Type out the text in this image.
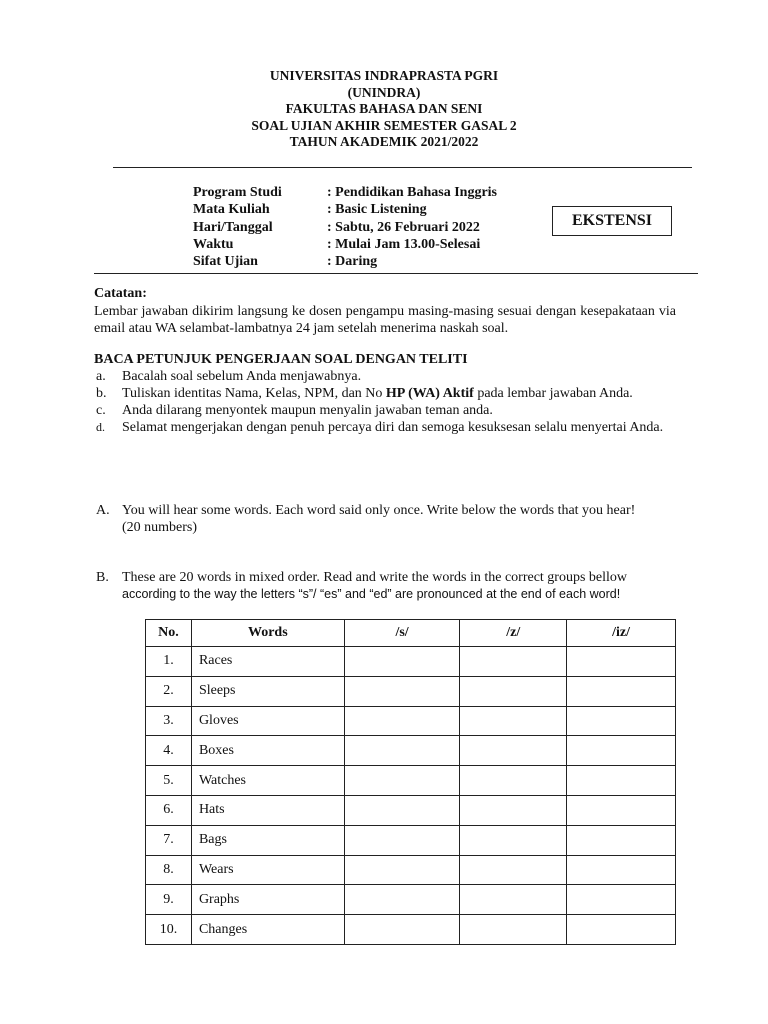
UNIVERSITAS INDRAPRASTA PGRI
(UNINDRA)
FAKULTAS BAHASA DAN SENI
SOAL UJIAN AKHIR SEMESTER GASAL 2
TAHUN AKADEMIK 2021/2022
Program Studi	: Pendidikan Bahasa Inggris
Mata Kuliah	: Basic Listening
Hari/Tanggal	: Sabtu, 26 Februari 2022
Waktu	: Mulai Jam 13.00-Selesai
Sifat Ujian	: Daring
EKSTENSI
Catatan:
Lembar jawaban dikirim langsung ke dosen pengampu masing-masing sesuai dengan kesepakataan via email atau WA selambat-lambatnya 24 jam setelah menerima naskah soal.
BACA PETUNJUK PENGERJAAN SOAL DENGAN TELITI
a.	Bacalah soal sebelum Anda menjawabnya.
b.	Tuliskan identitas Nama, Kelas, NPM, dan No HP (WA) Aktif pada lembar jawaban Anda.
c.	Anda dilarang menyontek maupun menyalin jawaban teman anda.
d.	Selamat mengerjakan dengan penuh percaya diri dan semoga kesuksesan selalu menyertai Anda.
A. You will hear some words. Each word said only once. Write below the words that you hear!
(20 numbers)
B. These are 20 words in mixed order. Read and write the words in the correct groups bellow
according to the way the letters “s”/ “es” and “ed” are pronounced at the end of each word!
No.	Words	/s/	/z/	/iz/
1.	Races			
2.	Sleeps			
3.	Gloves			
4.	Boxes			
5.	Watches			
6.	Hats			
7.	Bags			
8.	Wears			
9.	Graphs			
10.	Changes			
